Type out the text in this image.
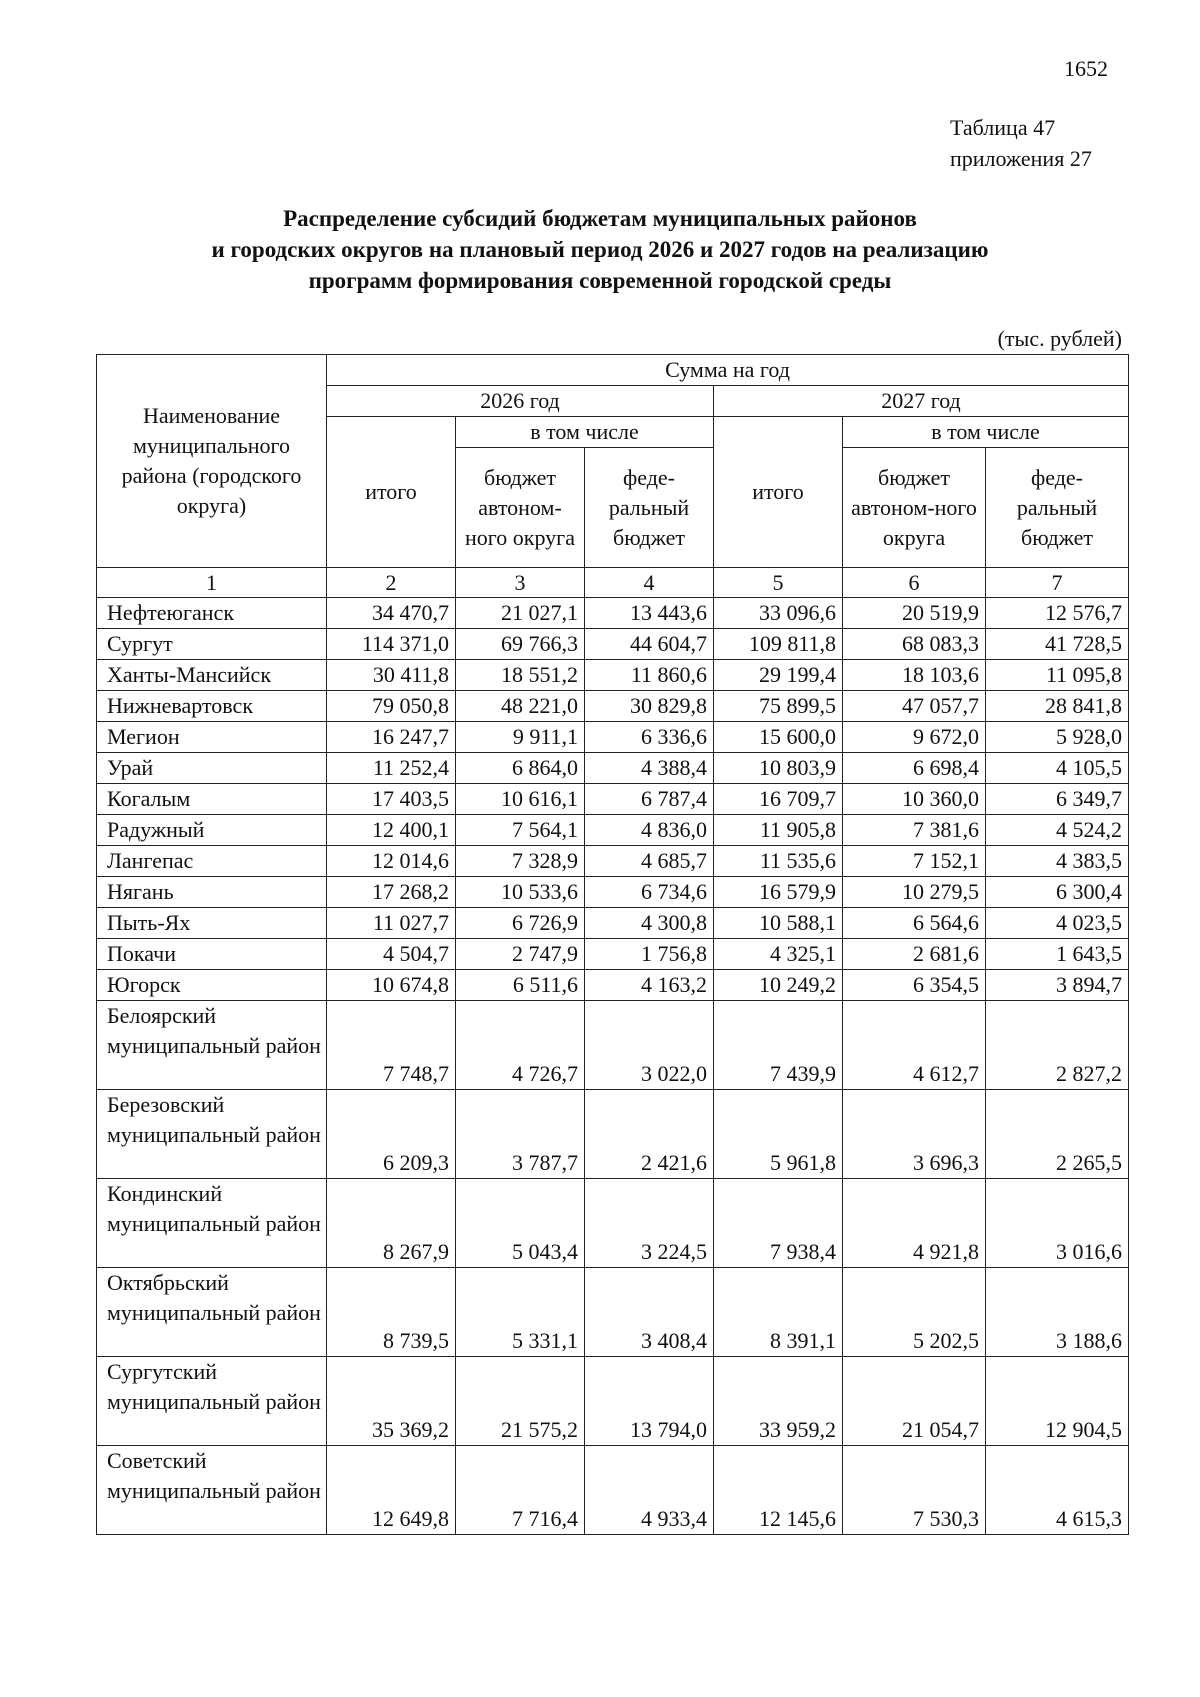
1652
Таблица 47
приложения 27
Распределение субсидий бюджетам муниципальных районов
и городских округов на плановый период 2026 и 2027 годов на реализацию
программ формирования современной городской среды
(тыс. рублей)
Наименование муниципального района (городского округа)	Сумма на год					
	2026 год			2027 год		
	итого	в том числе		итого	в том числе	
		бюджет автоном-ного округа	феде-ральный бюджет		бюджет автоном-ного округа	феде-ральный бюджет
1	2	3	4	5	6	7
Нефтеюганск	34 470,7	21 027,1	13 443,6	33 096,6	20 519,9	12 576,7
Сургут	114 371,0	69 766,3	44 604,7	109 811,8	68 083,3	41 728,5
Ханты-Мансийск	30 411,8	18 551,2	11 860,6	29 199,4	18 103,6	11 095,8
Нижневартовск	79 050,8	48 221,0	30 829,8	75 899,5	47 057,7	28 841,8
Мегион	16 247,7	9 911,1	6 336,6	15 600,0	9 672,0	5 928,0
Урай	11 252,4	6 864,0	4 388,4	10 803,9	6 698,4	4 105,5
Когалым	17 403,5	10 616,1	6 787,4	16 709,7	10 360,0	6 349,7
Радужный	12 400,1	7 564,1	4 836,0	11 905,8	7 381,6	4 524,2
Лангепас	12 014,6	7 328,9	4 685,7	11 535,6	7 152,1	4 383,5
Нягань	17 268,2	10 533,6	6 734,6	16 579,9	10 279,5	6 300,4
Пыть-Ях	11 027,7	6 726,9	4 300,8	10 588,1	6 564,6	4 023,5
Покачи	4 504,7	2 747,9	1 756,8	4 325,1	2 681,6	1 643,5
Югорск	10 674,8	6 511,6	4 163,2	10 249,2	6 354,5	3 894,7
Белоярский муниципальный район	7 748,7	4 726,7	3 022,0	7 439,9	4 612,7	2 827,2
Березовский муниципальный район	6 209,3	3 787,7	2 421,6	5 961,8	3 696,3	2 265,5
Кондинский муниципальный район	8 267,9	5 043,4	3 224,5	7 938,4	4 921,8	3 016,6
Октябрьский муниципальный район	8 739,5	5 331,1	3 408,4	8 391,1	5 202,5	3 188,6
Сургутский муниципальный район	35 369,2	21 575,2	13 794,0	33 959,2	21 054,7	12 904,5
Советский муниципальный район	12 649,8	7 716,4	4 933,4	12 145,6	7 530,3	4 615,3
